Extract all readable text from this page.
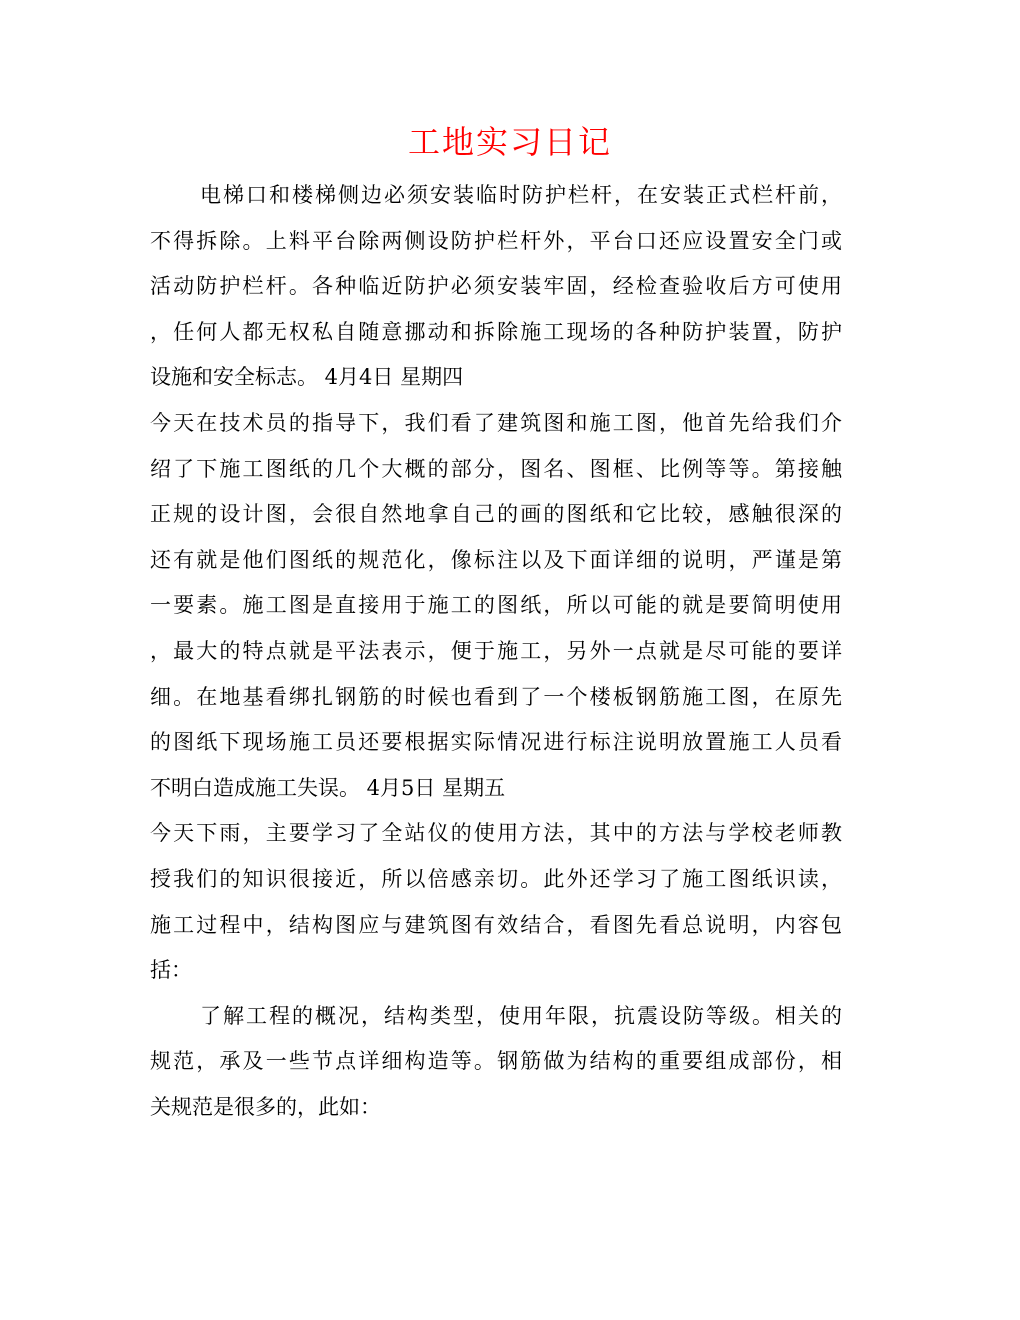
工地实习日记
电梯口和楼梯侧边必须安装临时防护栏杆，在安装正式栏杆前，
不得拆除。上料平台除两侧设防护栏杆外，平台口还应设置安全门或
活动防护栏杆。各种临近防护必须安装牢固，经检查验收后方可使用
，任何人都无权私自随意挪动和拆除施工现场的各种防护装置，防护
设施和安全标志。 4月4日 星期四
今天在技术员的指导下，我们看了建筑图和施工图，他首先给我们介
绍了下施工图纸的几个大概的部分，图名、图框、比例等等。第接触
正规的设计图，会很自然地拿自己的画的图纸和它比较，感触很深的
还有就是他们图纸的规范化，像标注以及下面详细的说明，严谨是第
一要素。施工图是直接用于施工的图纸，所以可能的就是要简明使用
，最大的特点就是平法表示，便于施工，另外一点就是尽可能的要详
细。在地基看绑扎钢筋的时候也看到了一个楼板钢筋施工图，在原先
的图纸下现场施工员还要根据实际情况进行标注说明放置施工人员看
不明白造成施工失误。 4月5日 星期五
今天下雨，主要学习了全站仪的使用方法，其中的方法与学校老师教
授我们的知识很接近，所以倍感亲切。此外还学习了施工图纸识读，
施工过程中，结构图应与建筑图有效结合，看图先看总说明，内容包
括：
了解工程的概况，结构类型，使用年限，抗震设防等级。相关的
规范，承及一些节点详细构造等。钢筋做为结构的重要组成部份，相
关规范是很多的，此如：
